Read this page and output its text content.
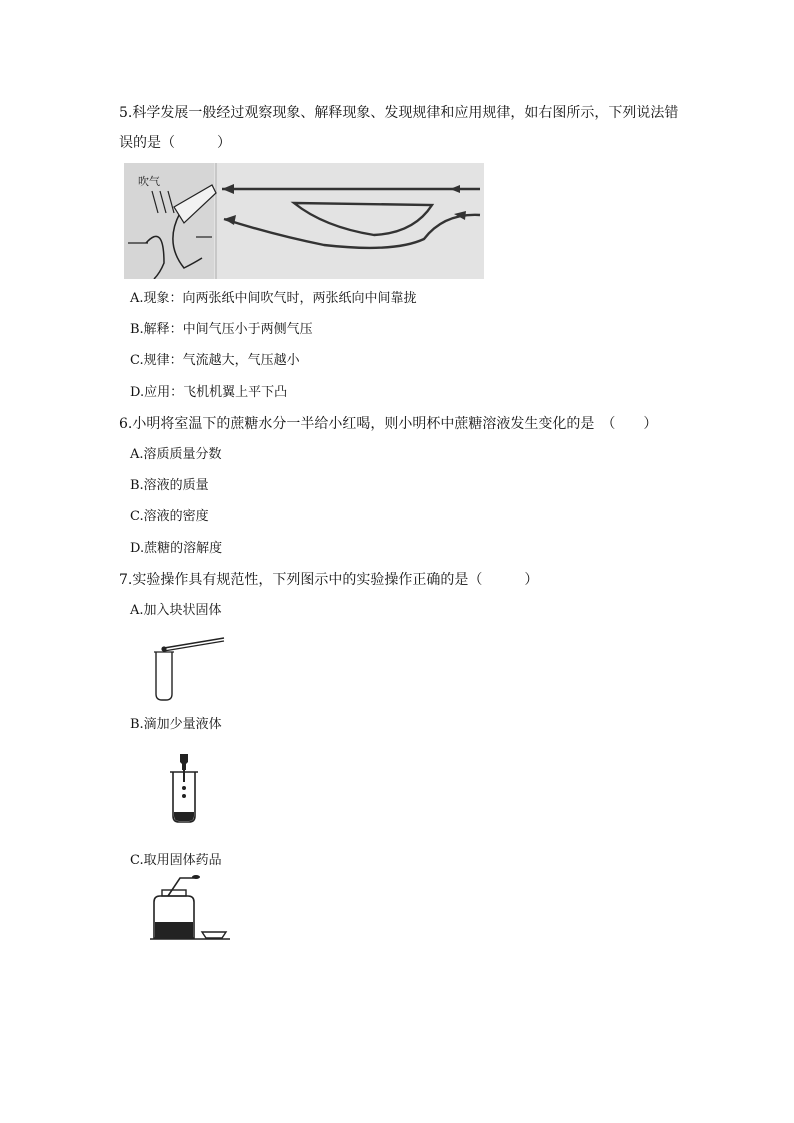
5.科学发展一般经过观察现象、解释现象、发现规律和应用规律，如右图所示，下列说法错
误的是（　　　）
吹气
A.现象：向两张纸中间吹气时，两张纸向中间靠拢
B.解释：中间气压小于两侧气压
C.规律：气流越大，气压越小
D.应用：飞机机翼上平下凸
6.小明将室温下的蔗糖水分一半给小红喝，则小明杯中蔗糖溶液发生变化的是　（　　）
A.溶质质量分数
B.溶液的质量
C.溶液的密度
D.蔗糖的溶解度
7.实验操作具有规范性，下列图示中的实验操作正确的是（　　　）
A.加入块状固体
B.滴加少量液体
C.取用固体药品
